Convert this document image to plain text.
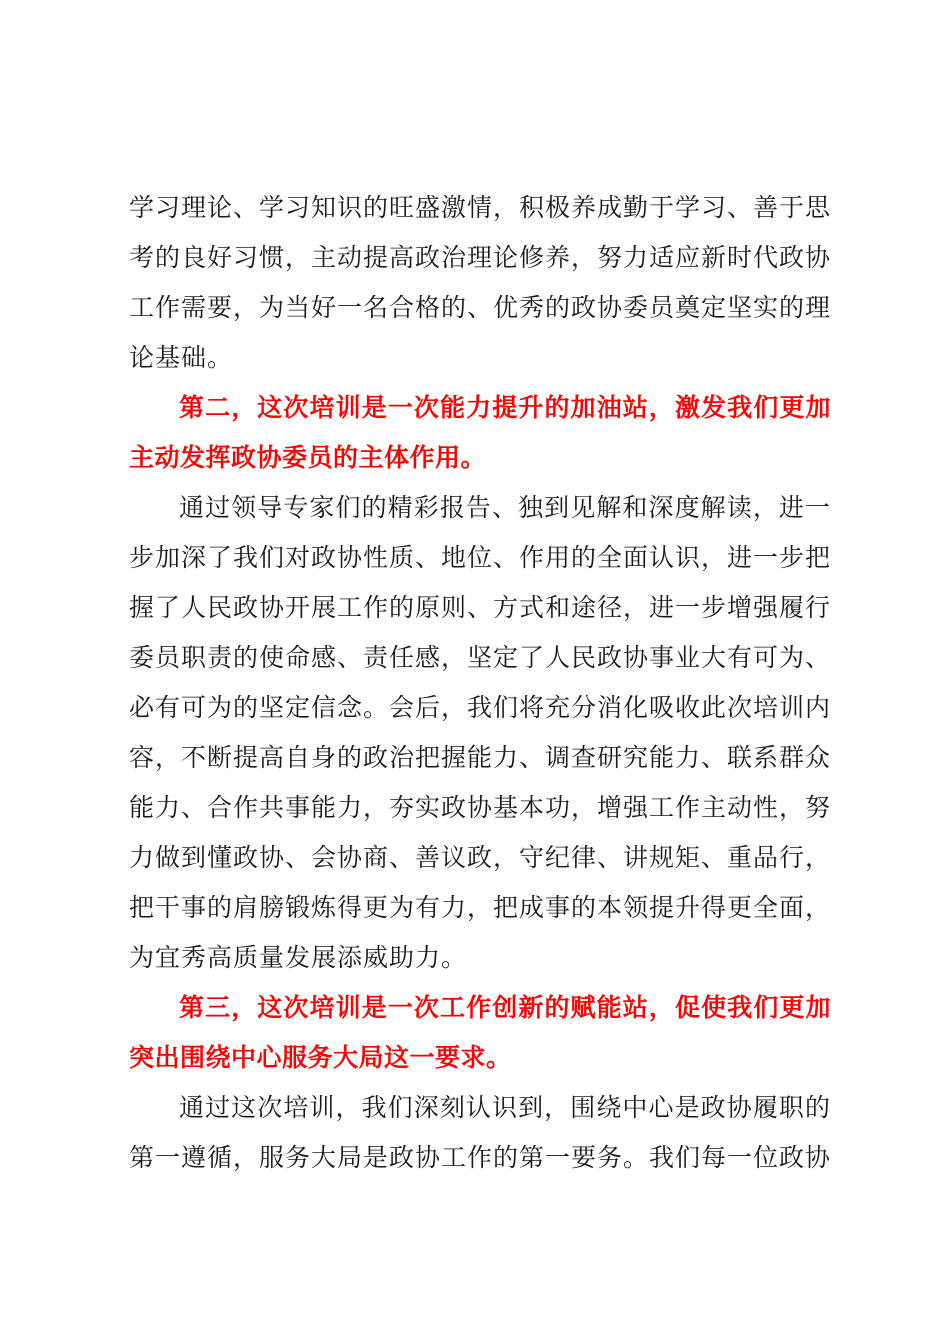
学习理论、学习知识的旺盛激情，积极养成勤于学习、善于思
考的良好习惯，主动提高政治理论修养，努力适应新时代政协
工作需要，为当好一名合格的、优秀的政协委员奠定坚实的理
论基础。
第二，这次培训是一次能力提升的加油站，激发我们更加
主动发挥政协委员的主体作用。
通过领导专家们的精彩报告、独到见解和深度解读，进一
步加深了我们对政协性质、地位、作用的全面认识，进一步把
握了人民政协开展工作的原则、方式和途径，进一步增强履行
委员职责的使命感、责任感，坚定了人民政协事业大有可为、
必有可为的坚定信念。会后，我们将充分消化吸收此次培训内
容，不断提高自身的政治把握能力、调查研究能力、联系群众
能力、合作共事能力，夯实政协基本功，增强工作主动性，努
力做到懂政协、会协商、善议政，守纪律、讲规矩、重品行，
把干事的肩膀锻炼得更为有力，把成事的本领提升得更全面，
为宜秀高质量发展添威助力。
第三，这次培训是一次工作创新的赋能站，促使我们更加
突出围绕中心服务大局这一要求。
通过这次培训，我们深刻认识到，围绕中心是政协履职的
第一遵循，服务大局是政协工作的第一要务。我们每一位政协
